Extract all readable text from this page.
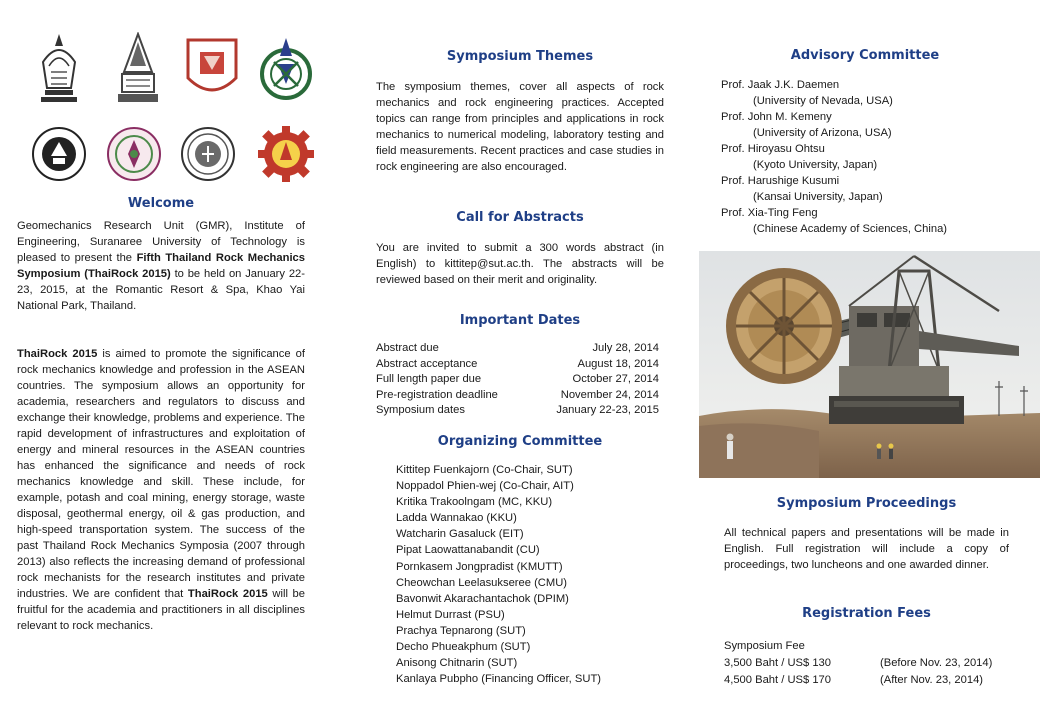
Welcome
Geomechanics Research Unit (GMR), Institute of Engineering, Suranaree University of Technology is pleased to present the Fifth Thailand Rock Mechanics Symposium (ThaiRock 2015) to be held on January 22-23, 2015, at the Romantic Resort & Spa, Khao Yai National Park, Thailand.
ThaiRock 2015 is aimed to promote the significance of rock mechanics knowledge and profession in the ASEAN countries. The symposium allows an opportunity for academia, researchers and regulators to discuss and exchange their knowledge, problems and experience. The rapid development of infrastructures and exploitation of energy and mineral resources in the ASEAN countries has enhanced the significance and needs of rock mechanics knowledge and skill. These include, for example, potash and coal mining, energy storage, waste disposal, geothermal energy, oil & gas production, and high-speed transportation system. The success of the past Thailand Rock Mechanics Symposia (2007 through 2013) also reflects the increasing demand of professional rock mechanists for the research institutes and private industries. We are confident that ThaiRock 2015 will be fruitful for the academia and practitioners in all disciplines relevant to rock mechanics.
Symposium Themes
The symposium themes, cover all aspects of rock mechanics and rock engineering practices. Accepted topics can range from principles and applications in rock mechanics to numerical modeling, laboratory testing and field measurements. Recent practices and case studies in rock engineering are also encouraged.
Call for Abstracts
You are invited to submit a 300 words abstract (in English) to kittitep@sut.ac.th. The abstracts will be reviewed based on their merit and originality.
Important Dates
Abstract due	July 28, 2014
Abstract acceptance	August 18, 2014
Full length paper due	October 27, 2014
Pre-registration deadline	November 24, 2014
Symposium dates	January 22-23, 2015
Organizing Committee
Kittitep Fuenkajorn (Co-Chair, SUT)
Noppadol Phien-wej (Co-Chair, AIT)
Kritika Trakoolngam (MC, KKU)
Ladda Wannakao (KKU)
Watcharin Gasaluck (EIT)
Pipat Laowattanabandit (CU)
Pornkasem Jongpradist (KMUTT)
Cheowchan Leelasukseree (CMU)
Bavonwit Akarachantachok (DPIM)
Helmut Durrast (PSU)
Prachya Tepnarong (SUT)
Decho Phueakphum (SUT)
Anisong Chitnarin (SUT)
Kanlaya Pubpho (Financing Officer, SUT)
Advisory Committee
Prof. Jaak J.K. Daemen
(University of Nevada, USA)
Prof. John M. Kemeny
(University of Arizona, USA)
Prof. Hiroyasu Ohtsu
(Kyoto University, Japan)
Prof. Harushige Kusumi
(Kansai University, Japan)
Prof. Xia-Ting Feng
(Chinese Academy of Sciences, China)
Symposium Proceedings
All technical papers and presentations will be made in English. Full registration will include a copy of proceedings, two luncheons and one awarded dinner.
Registration Fees
Symposium Fee
3,500 Baht / US$ 130	(Before Nov. 23, 2014)
4,500 Baht / US$ 170	(After Nov. 23, 2014)
